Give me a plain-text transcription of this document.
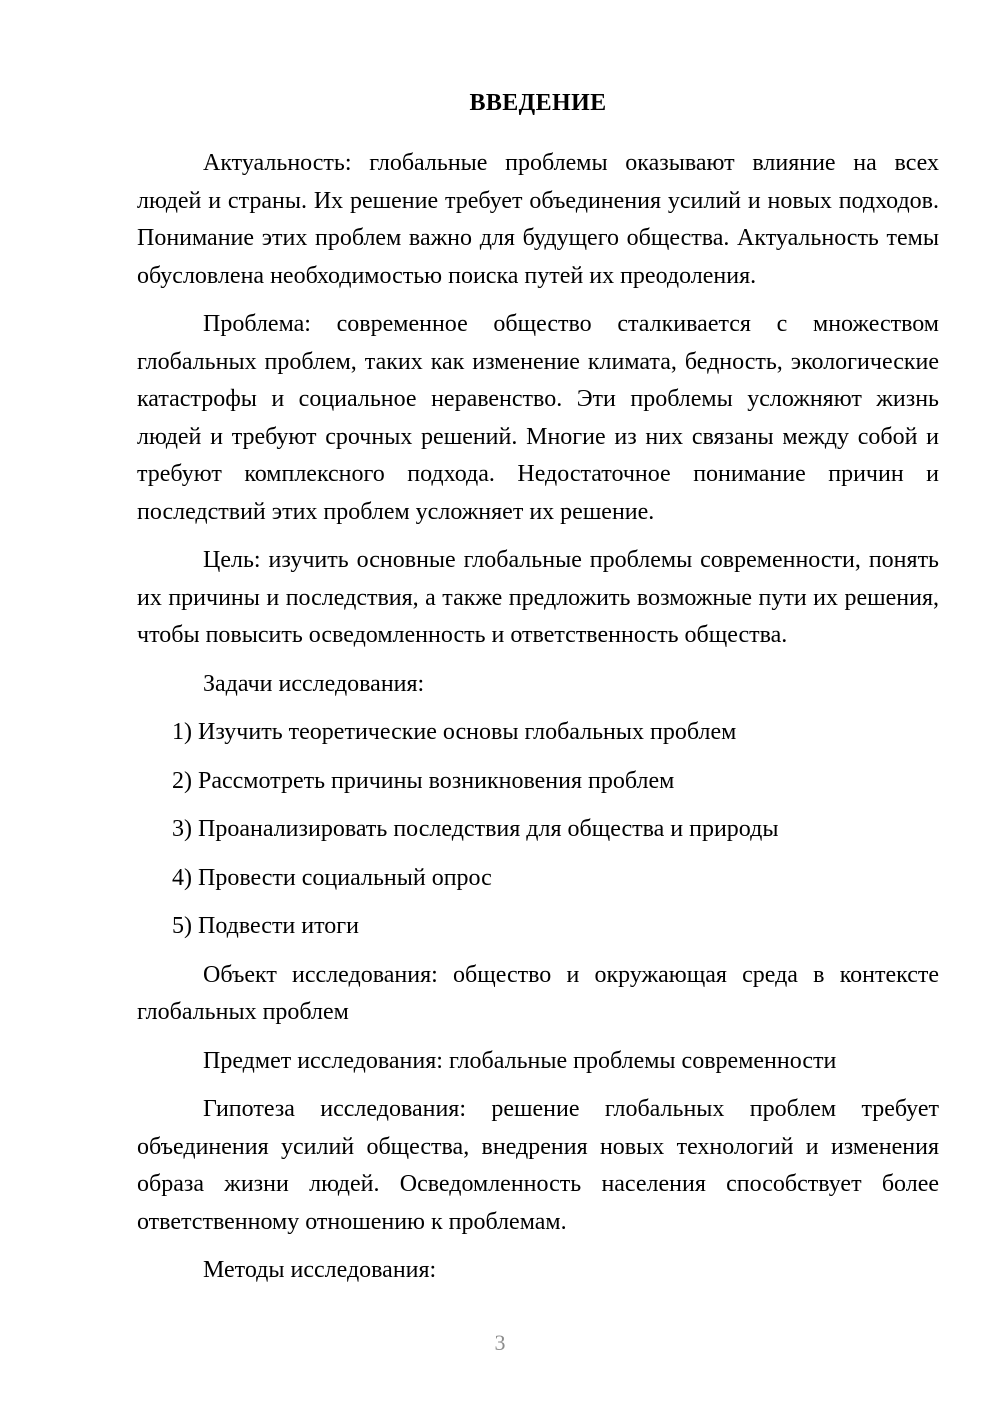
ВВЕДЕНИЕ

Актуальность: глобальные проблемы оказывают влияние на всех людей и страны. Их решение требует объединения усилий и новых подходов. Понимание этих проблем важно для будущего общества. Актуальность темы обусловлена необходимостью поиска путей их преодоления.

Проблема: современное общество сталкивается с множеством глобальных проблем, таких как изменение климата, бедность, экологические катастрофы и социальное неравенство. Эти проблемы усложняют жизнь людей и требуют срочных решений. Многие из них связаны между собой и требуют комплексного подхода. Недостаточное понимание причин и последствий этих проблем усложняет их решение.

Цель: изучить основные глобальные проблемы современности, понять их причины и последствия, а также предложить возможные пути их решения, чтобы повысить осведомленность и ответственность общества.

Задачи исследования:

1) Изучить теоретические основы глобальных проблем
2) Рассмотреть причины возникновения проблем
3) Проанализировать последствия для общества и природы
4) Провести социальный опрос
5) Подвести итоги

Объект исследования: общество и окружающая среда в контексте глобальных проблем

Предмет исследования: глобальные проблемы современности

Гипотеза исследования: решение глобальных проблем требует объединения усилий общества, внедрения новых технологий и изменения образа жизни людей. Осведомленность населения способствует более ответственному отношению к проблемам.

Методы исследования:

3
